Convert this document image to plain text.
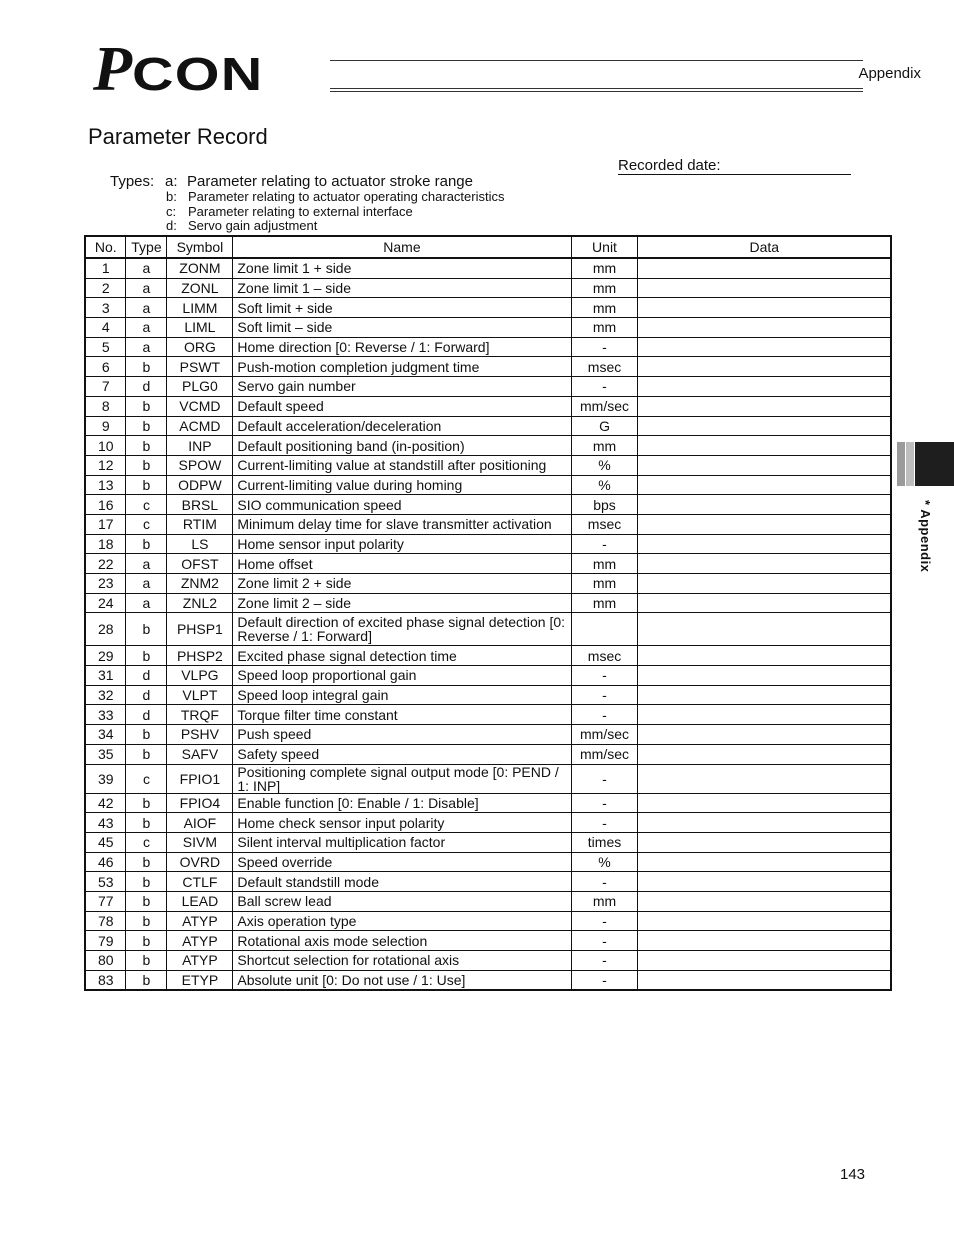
P CON	Appendix
Parameter Record
Recorded date:
Types: a: Parameter relating to actuator stroke range
b: Parameter relating to actuator operating characteristics
c: Parameter relating to external interface
d: Servo gain adjustment
No.	Type	Symbol	Name	Unit	Data
1	a	ZONM	Zone limit 1 + side	mm	
2	a	ZONL	Zone limit 1 – side	mm	
3	a	LIMM	Soft limit + side	mm	
4	a	LIML	Soft limit – side	mm	
5	a	ORG	Home direction [0: Reverse / 1: Forward]	-	
6	b	PSWT	Push-motion completion judgment time	msec	
7	d	PLG0	Servo gain number	-	
8	b	VCMD	Default speed	mm/sec	
9	b	ACMD	Default acceleration/deceleration	G	
10	b	INP	Default positioning band (in-position)	mm	
12	b	SPOW	Current-limiting value at standstill after positioning	%	
13	b	ODPW	Current-limiting value during homing	%	
16	c	BRSL	SIO communication speed	bps	
17	c	RTIM	Minimum delay time for slave transmitter activation	msec	
18	b	LS	Home sensor input polarity	-	
22	a	OFST	Home offset	mm	
23	a	ZNM2	Zone limit 2 + side	mm	
24	a	ZNL2	Zone limit 2 – side	mm	
28	b	PHSP1	Default direction of excited phase signal detection [0: Reverse / 1: Forward]		
29	b	PHSP2	Excited phase signal detection time	msec	
31	d	VLPG	Speed loop proportional gain	-	
32	d	VLPT	Speed loop integral gain	-	
33	d	TRQF	Torque filter time constant	-	
34	b	PSHV	Push speed	mm/sec	
35	b	SAFV	Safety speed	mm/sec	
39	c	FPIO1	Positioning complete signal output mode [0: PEND / 1: INP]	-	
42	b	FPIO4	Enable function [0: Enable / 1: Disable]	-	
43	b	AIOF	Home check sensor input polarity	-	
45	c	SIVM	Silent interval multiplication factor	times	
46	b	OVRD	Speed override	%	
53	b	CTLF	Default standstill mode	-	
77	b	LEAD	Ball screw lead	mm	
78	b	ATYP	Axis operation type	-	
79	b	ATYP	Rotational axis mode selection	-	
80	b	ATYP	Shortcut selection for rotational axis	-	
83	b	ETYP	Absolute unit [0: Do not use / 1: Use]	-	
* Appendix
143
